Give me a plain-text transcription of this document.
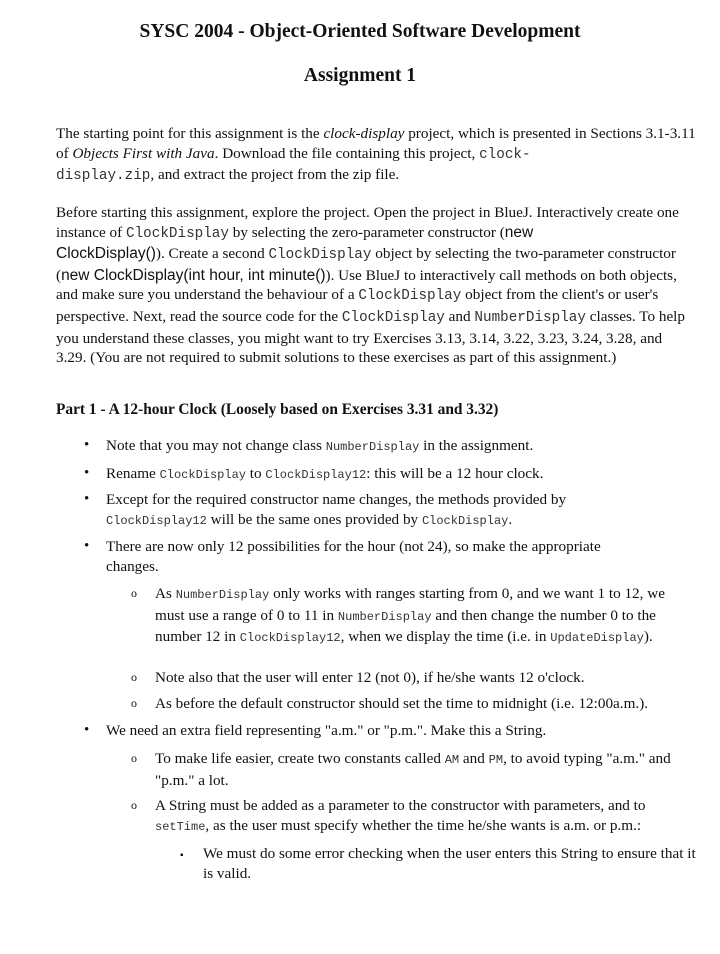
SYSC 2004 - Object-Oriented Software Development
Assignment 1

The starting point for this assignment is the clock-display project, which is presented in Sections 3.1-3.11 of Objects First with Java. Download the file containing this project, clock-
display.zip, and extract the project from the zip file.

Before starting this assignment, explore the project. Open the project in BlueJ. Interactively create one instance of ClockDisplay by selecting the zero-parameter constructor (new
ClockDisplay()). Create a second ClockDisplay object by selecting the two-parameter constructor (new ClockDisplay(int hour, int minute()). Use BlueJ to interactively call methods on both objects, and make sure you understand the behaviour of a ClockDisplay object from the client's or user's perspective. Next, read the source code for the ClockDisplay and NumberDisplay classes. To help you understand these classes, you might want to try Exercises 3.13, 3.14, 3.22, 3.23, 3.24, 3.28, and 3.29. (You are not required to submit solutions to these exercises as part of this assignment.)

Part 1 - A 12-hour Clock (Loosely based on Exercises 3.31 and 3.32)

• Note that you may not change class NumberDisplay in the assignment.
• Rename ClockDisplay to ClockDisplay12: this will be a 12 hour clock.
• Except for the required constructor name changes, the methods provided by
ClockDisplay12 will be the same ones provided by ClockDisplay.
• There are now only 12 possibilities for the hour (not 24), so make the appropriate changes.
o As NumberDisplay only works with ranges starting from 0, and we want 1 to 12, we must use a range of 0 to 11 in NumberDisplay and then change the number 0 to the number 12 in ClockDisplay12, when we display the time (i.e. in UpdateDisplay).
o Note also that the user will enter 12 (not 0), if he/she wants 12 o'clock.
o As before the default constructor should set the time to midnight (i.e. 12:00a.m.).
• We need an extra field representing "a.m." or "p.m.". Make this a String.
o To make life easier, create two constants called AM and PM, to avoid typing "a.m." and "p.m." a lot.
o A String must be added as a parameter to the constructor with parameters, and to setTime, as the user must specify whether the time he/she wants is a.m. or p.m.:
▪ We must do some error checking when the user enters this String to ensure that it is valid.
